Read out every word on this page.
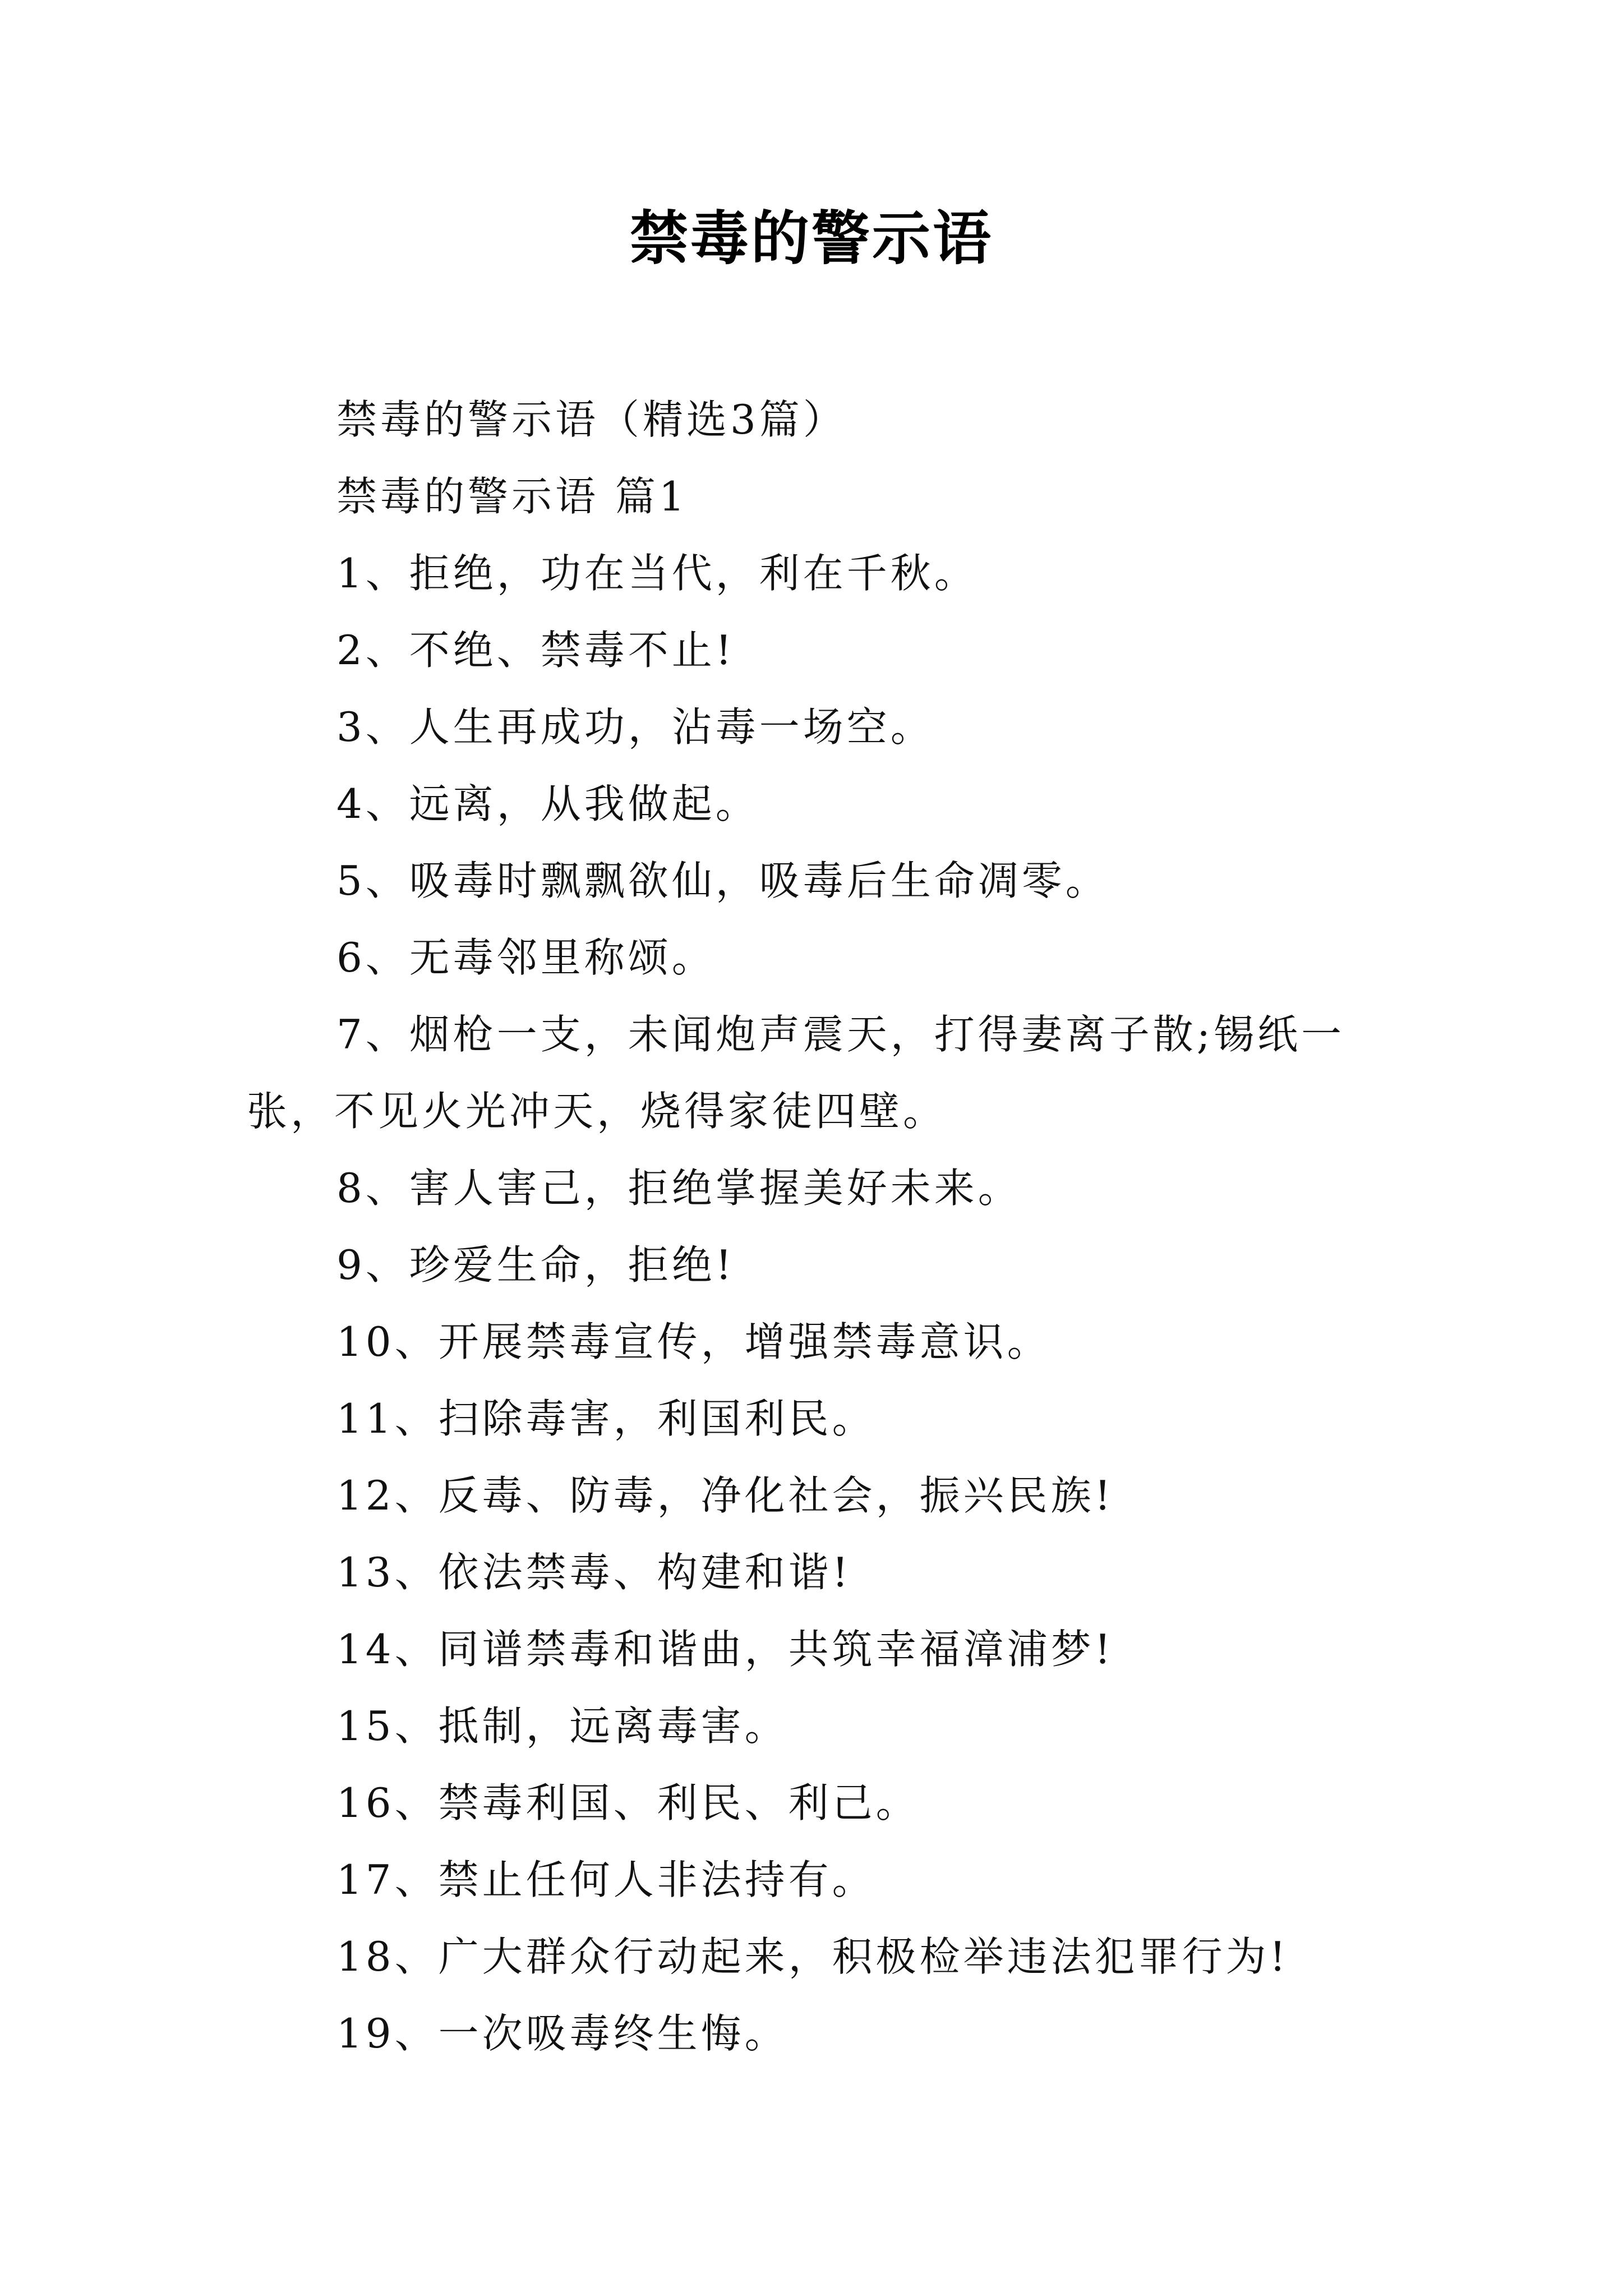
禁毒的警示语

禁毒的警示语（精选3篇）

禁毒的警示语 篇1

1、拒绝，功在当代，利在千秋。

2、不绝、禁毒不止!

3、人生再成功，沾毒一场空。

4、远离，从我做起。

5、吸毒时飘飘欲仙，吸毒后生命凋零。

6、无毒邻里称颂。

7、烟枪一支，未闻炮声震天，打得妻离子散;锡纸一张，不见火光冲天，烧得家徒四壁。

8、害人害己，拒绝掌握美好未来。

9、珍爱生命，拒绝!

10、开展禁毒宣传，增强禁毒意识。

11、扫除毒害，利国利民。

12、反毒、防毒，净化社会，振兴民族!

13、依法禁毒、构建和谐!

14、同谱禁毒和谐曲，共筑幸福漳浦梦!

15、抵制，远离毒害。

16、禁毒利国、利民、利己。

17、禁止任何人非法持有。

18、广大群众行动起来，积极检举违法犯罪行为!

19、一次吸毒终生悔。
